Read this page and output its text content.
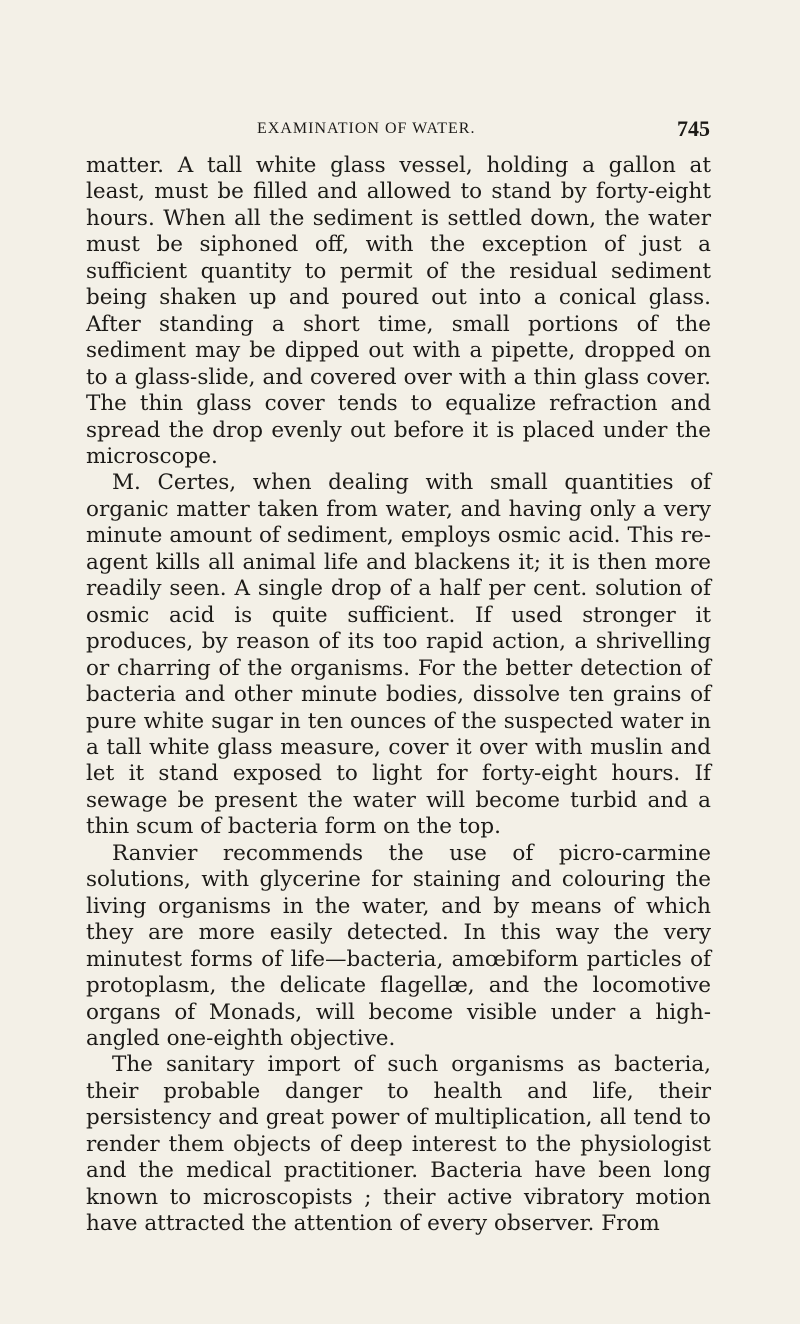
EXAMINATION OF WATER.	745

matter. A tall white glass vessel, holding a gallon at least, must be filled and allowed to stand by forty-eight hours. When all the sediment is settled down, the water must be siphoned off, with the exception of just a sufficient quantity to permit of the residual sediment being shaken up and poured out into a conical glass. After standing a short time, small portions of the sediment may be dipped out with a pipette, dropped on to a glass-slide, and covered over with a thin glass cover. The thin glass cover tends to equalize refraction and spread the drop evenly out before it is placed under the microscope.

M. Certes, when dealing with small quantities of organic matter taken from water, and having only a very minute amount of sediment, employs osmic acid. This re-agent kills all animal life and blackens it; it is then more readily seen. A single drop of a half per cent. solution of osmic acid is quite sufficient. If used stronger it produces, by reason of its too rapid action, a shrivelling or charring of the organisms. For the better detection of bacteria and other minute bodies, dissolve ten grains of pure white sugar in ten ounces of the suspected water in a tall white glass measure, cover it over with muslin and let it stand exposed to light for forty-eight hours. If sewage be present the water will become turbid and a thin scum of bacteria form on the top.

Ranvier recommends the use of picro-carmine solutions, with glycerine for staining and colouring the living organisms in the water, and by means of which they are more easily detected. In this way the very minutest forms of life—bacteria, amœbiform particles of protoplasm, the delicate flagellæ, and the locomotive organs of Monads, will become visible under a high-angled one-eighth objective.

The sanitary import of such organisms as bacteria, their probable danger to health and life, their persistency and great power of multiplication, all tend to render them objects of deep interest to the physiologist and the medical practitioner. Bacteria have been long known to microscopists ; their active vibratory motion have attracted the attention of every observer. From
